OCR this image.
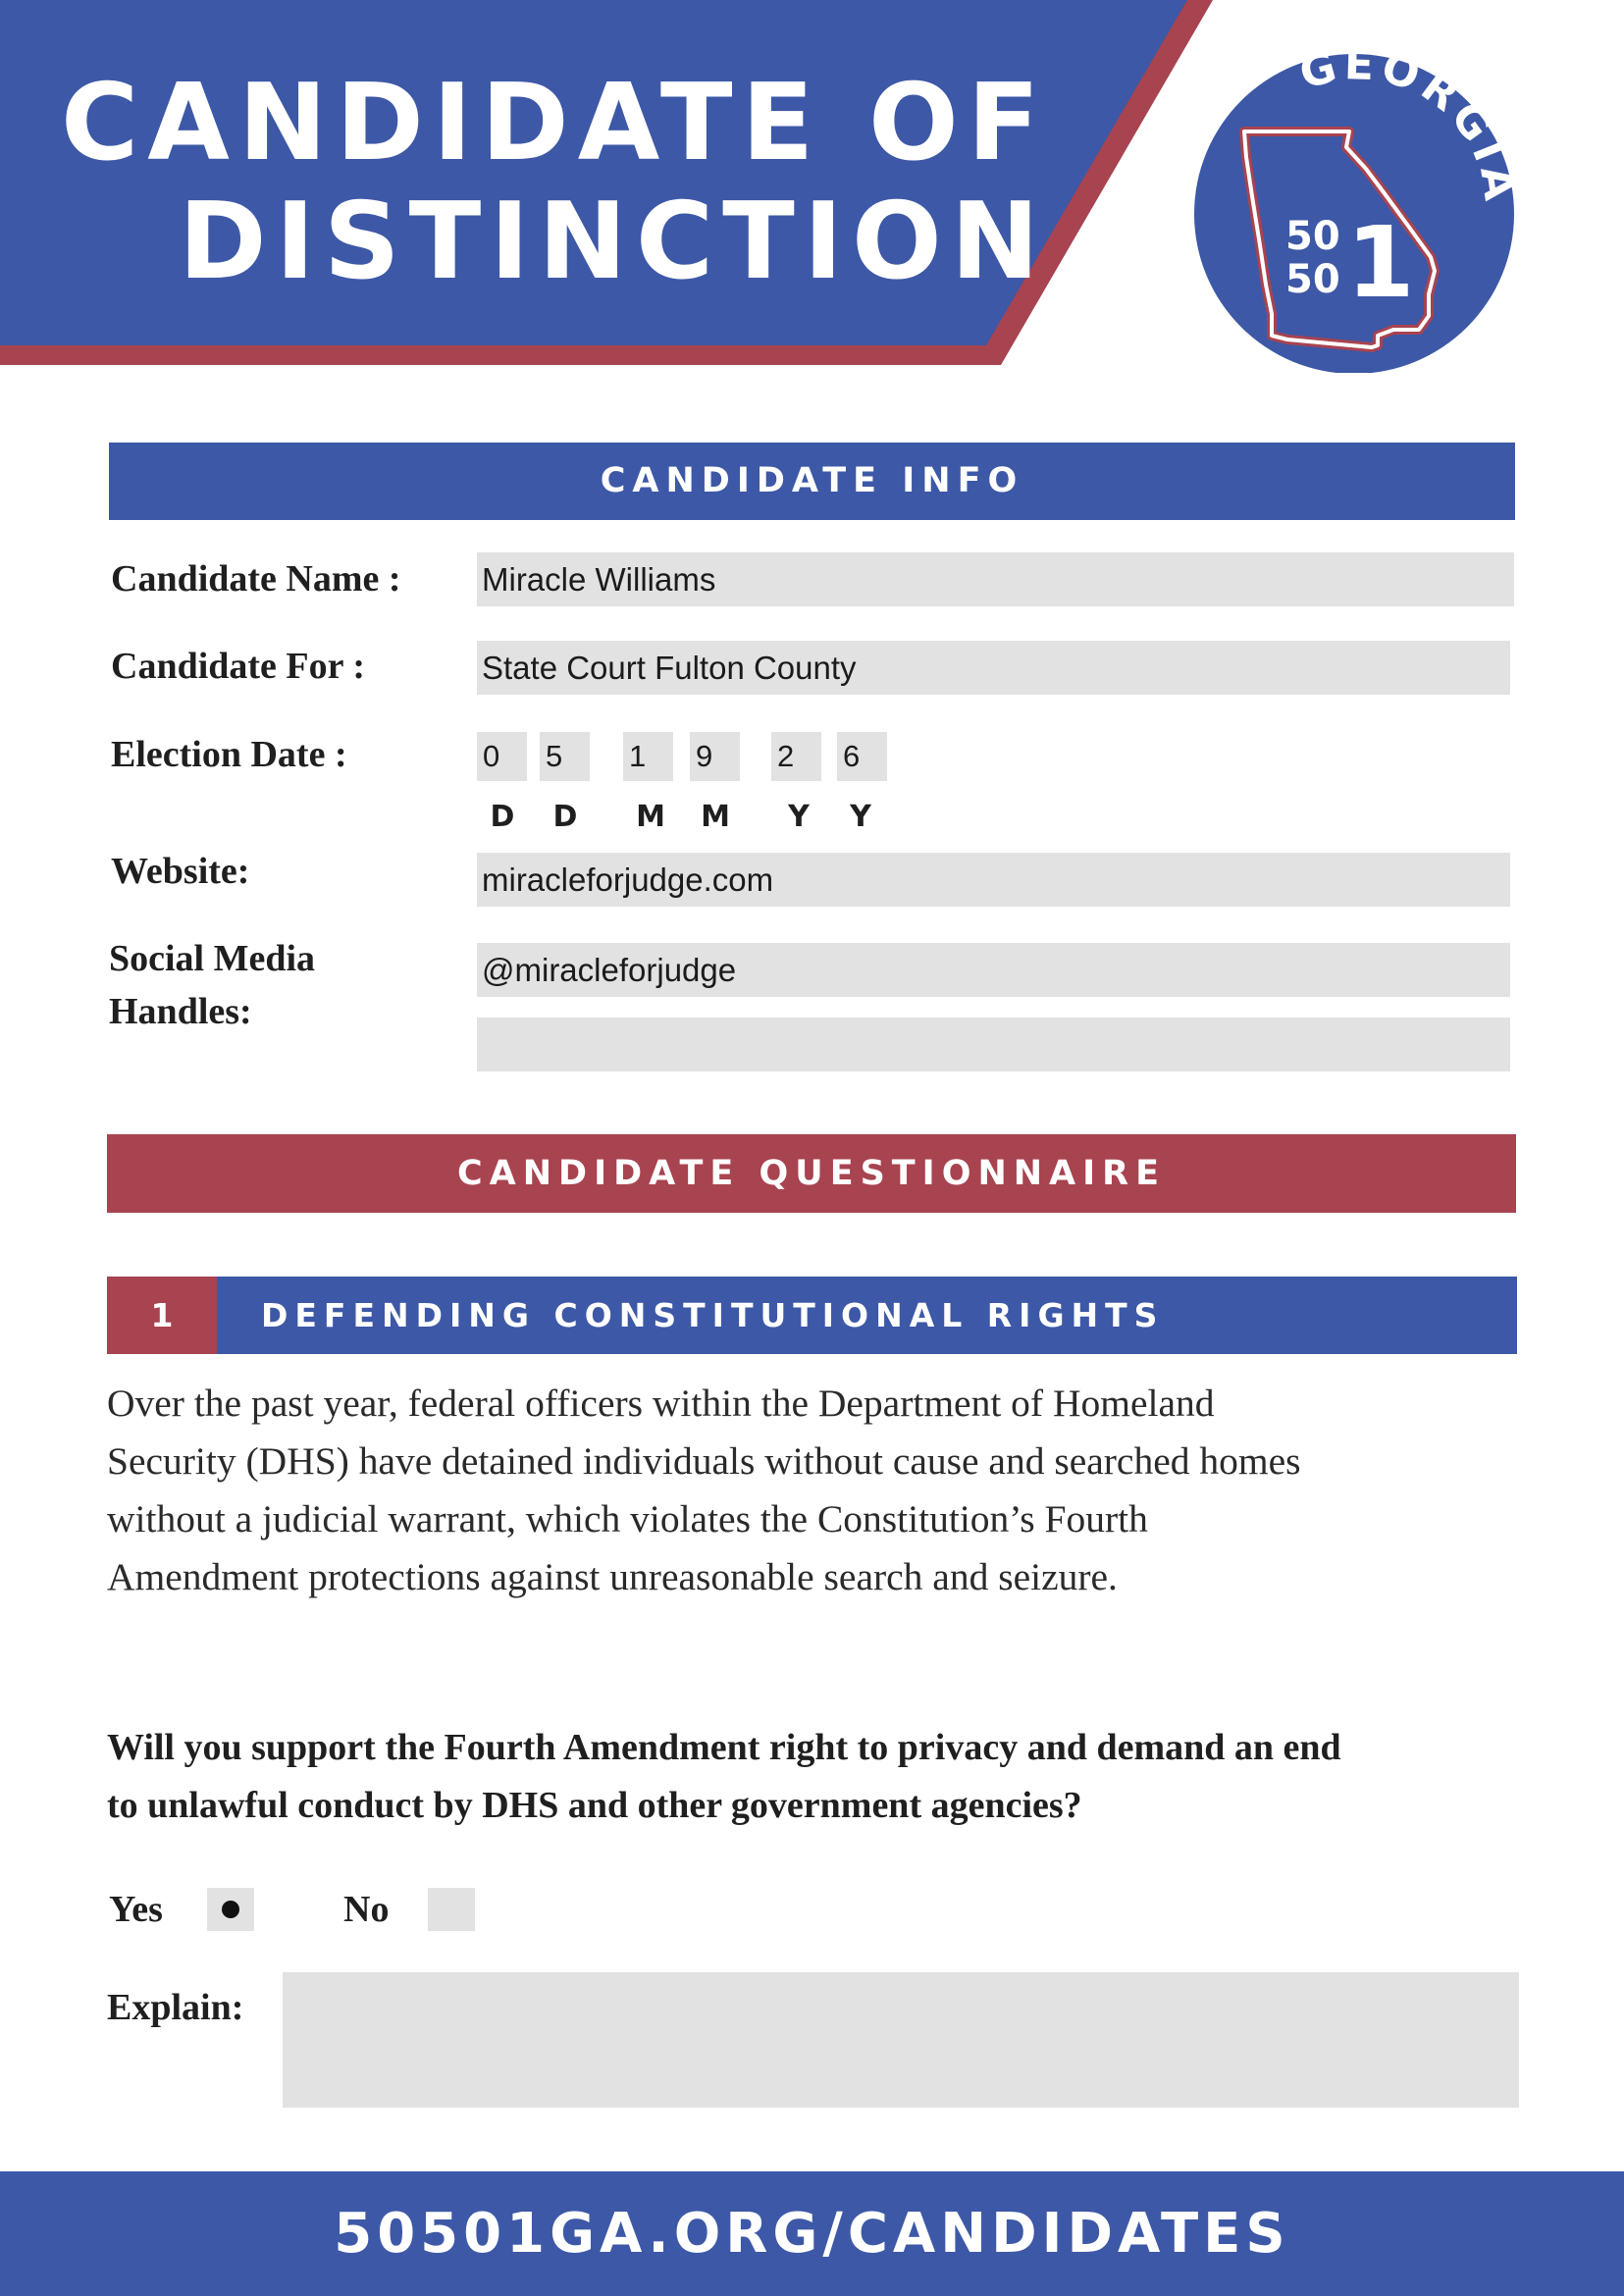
GEORGIA
50
50 1
CANDIDATE OF
DISTINCTION
CANDIDATE INFO
Candidate Name : Miracle Williams
Candidate For :	State Court Fulton County
Election Date :	0	5	1	9	2	6
D D M M Y Y
Website:	miracleforjudge.com
Social Media
Handles:
@miracleforjudge
CANDIDATE QUESTIONNAIRE
1	DEFENDING CONSTITUTIONAL RIGHTS
Over the past year, federal officers within the Department of Homeland
Security (DHS) have detained individuals without cause and searched homes
without a judicial warrant, which violates the Constitution’s Fourth
Amendment protections against unreasonable search and seizure.
Will you support the Fourth Amendment right to privacy and demand an end
to unlawful conduct by DHS and other government agencies?
Yes	No
Explain:
50501GA.ORG/CANDIDATES
